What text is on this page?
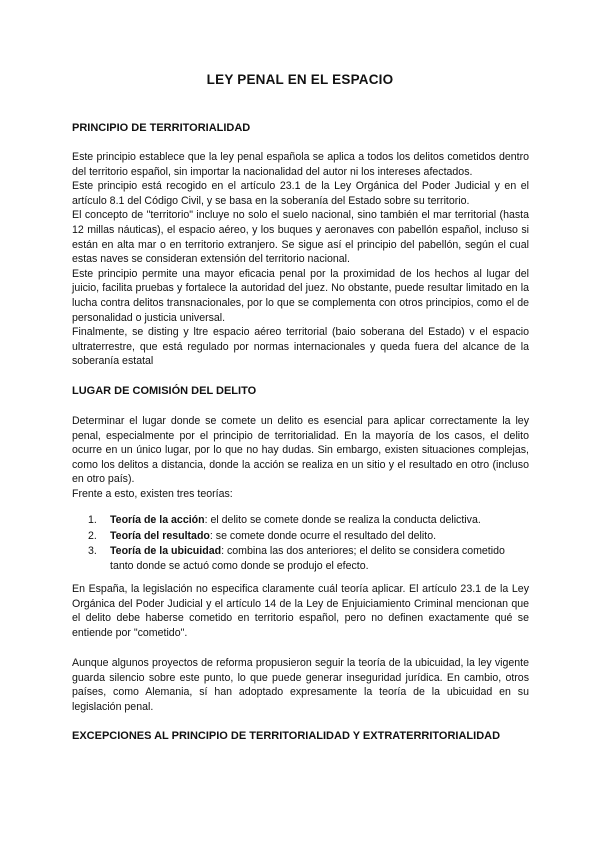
LEY PENAL EN EL ESPACIO
PRINCIPIO DE TERRITORIALIDAD

Este principio establece que la ley penal española se aplica a todos los delitos cometidos dentro del territorio español, sin importar la nacionalidad del autor ni los intereses afectados.

Este principio está recogido en el artículo 23.1 de la Ley Orgánica del Poder Judicial y en el artículo 8.1 del Código Civil, y se basa en la soberanía del Estado sobre su territorio.

El concepto de "territorio" incluye no solo el suelo nacional, sino también el mar territorial (hasta 12 millas náuticas), el espacio aéreo, y los buques y aeronaves con pabellón español, incluso si están en alta mar o en territorio extranjero. Se sigue así el principio del pabellón, según el cual estas naves se consideran extensión del territorio nacional.

Este principio permite una mayor eficacia penal por la proximidad de los hechos al lugar del juicio, facilita pruebas y fortalece la autoridad del juez. No obstante, puede resultar limitado en la lucha contra delitos transnacionales, por lo que se complementa con otros principios, como el de personalidad o justicia universal.

Finalmente, se disting y ltre espacio aéreo territorial (baio soberana del Estado) v el espacio ultraterrestre, que está regulado por normas internacionales y queda fuera del alcance de la soberanía estatal

LUGAR DE COMISIÓN DEL DELITO

Determinar el lugar donde se comete un delito es esencial para aplicar correctamente la ley penal, especialmente por el principio de territorialidad. En la mayoría de los casos, el delito ocurre en un único lugar, por lo que no hay dudas. Sin embargo, existen situaciones complejas, como los delitos a distancia, donde la acción se realiza en un sitio y el resultado en otro (incluso en otro país).

Frente a esto, existen tres teorías:

1. Teoría de la acción: el delito se comete donde se realiza la conducta delictiva.
2. Teoría del resultado: se comete donde ocurre el resultado del delito.
3. Teoría de la ubicuidad: combina las dos anteriores; el delito se considera cometido tanto donde se actuó como donde se produjo el efecto.

En España, la legislación no especifica claramente cuál teoría aplicar. El artículo 23.1 de la Ley Orgánica del Poder Judicial y el artículo 14 de la Ley de Enjuiciamiento Criminal mencionan que el delito debe haberse cometido en territorio español, pero no definen exactamente qué se entiende por "cometido".

Aunque algunos proyectos de reforma propusieron seguir la teoría de la ubicuidad, la ley vigente guarda silencio sobre este punto, lo que puede generar inseguridad jurídica. En cambio, otros países, como Alemania, sí han adoptado expresamente la teoría de la ubicuidad en su legislación penal.

EXCEPCIONES AL PRINCIPIO DE TERRITORIALIDAD Y EXTRATERRITORIALIDAD
